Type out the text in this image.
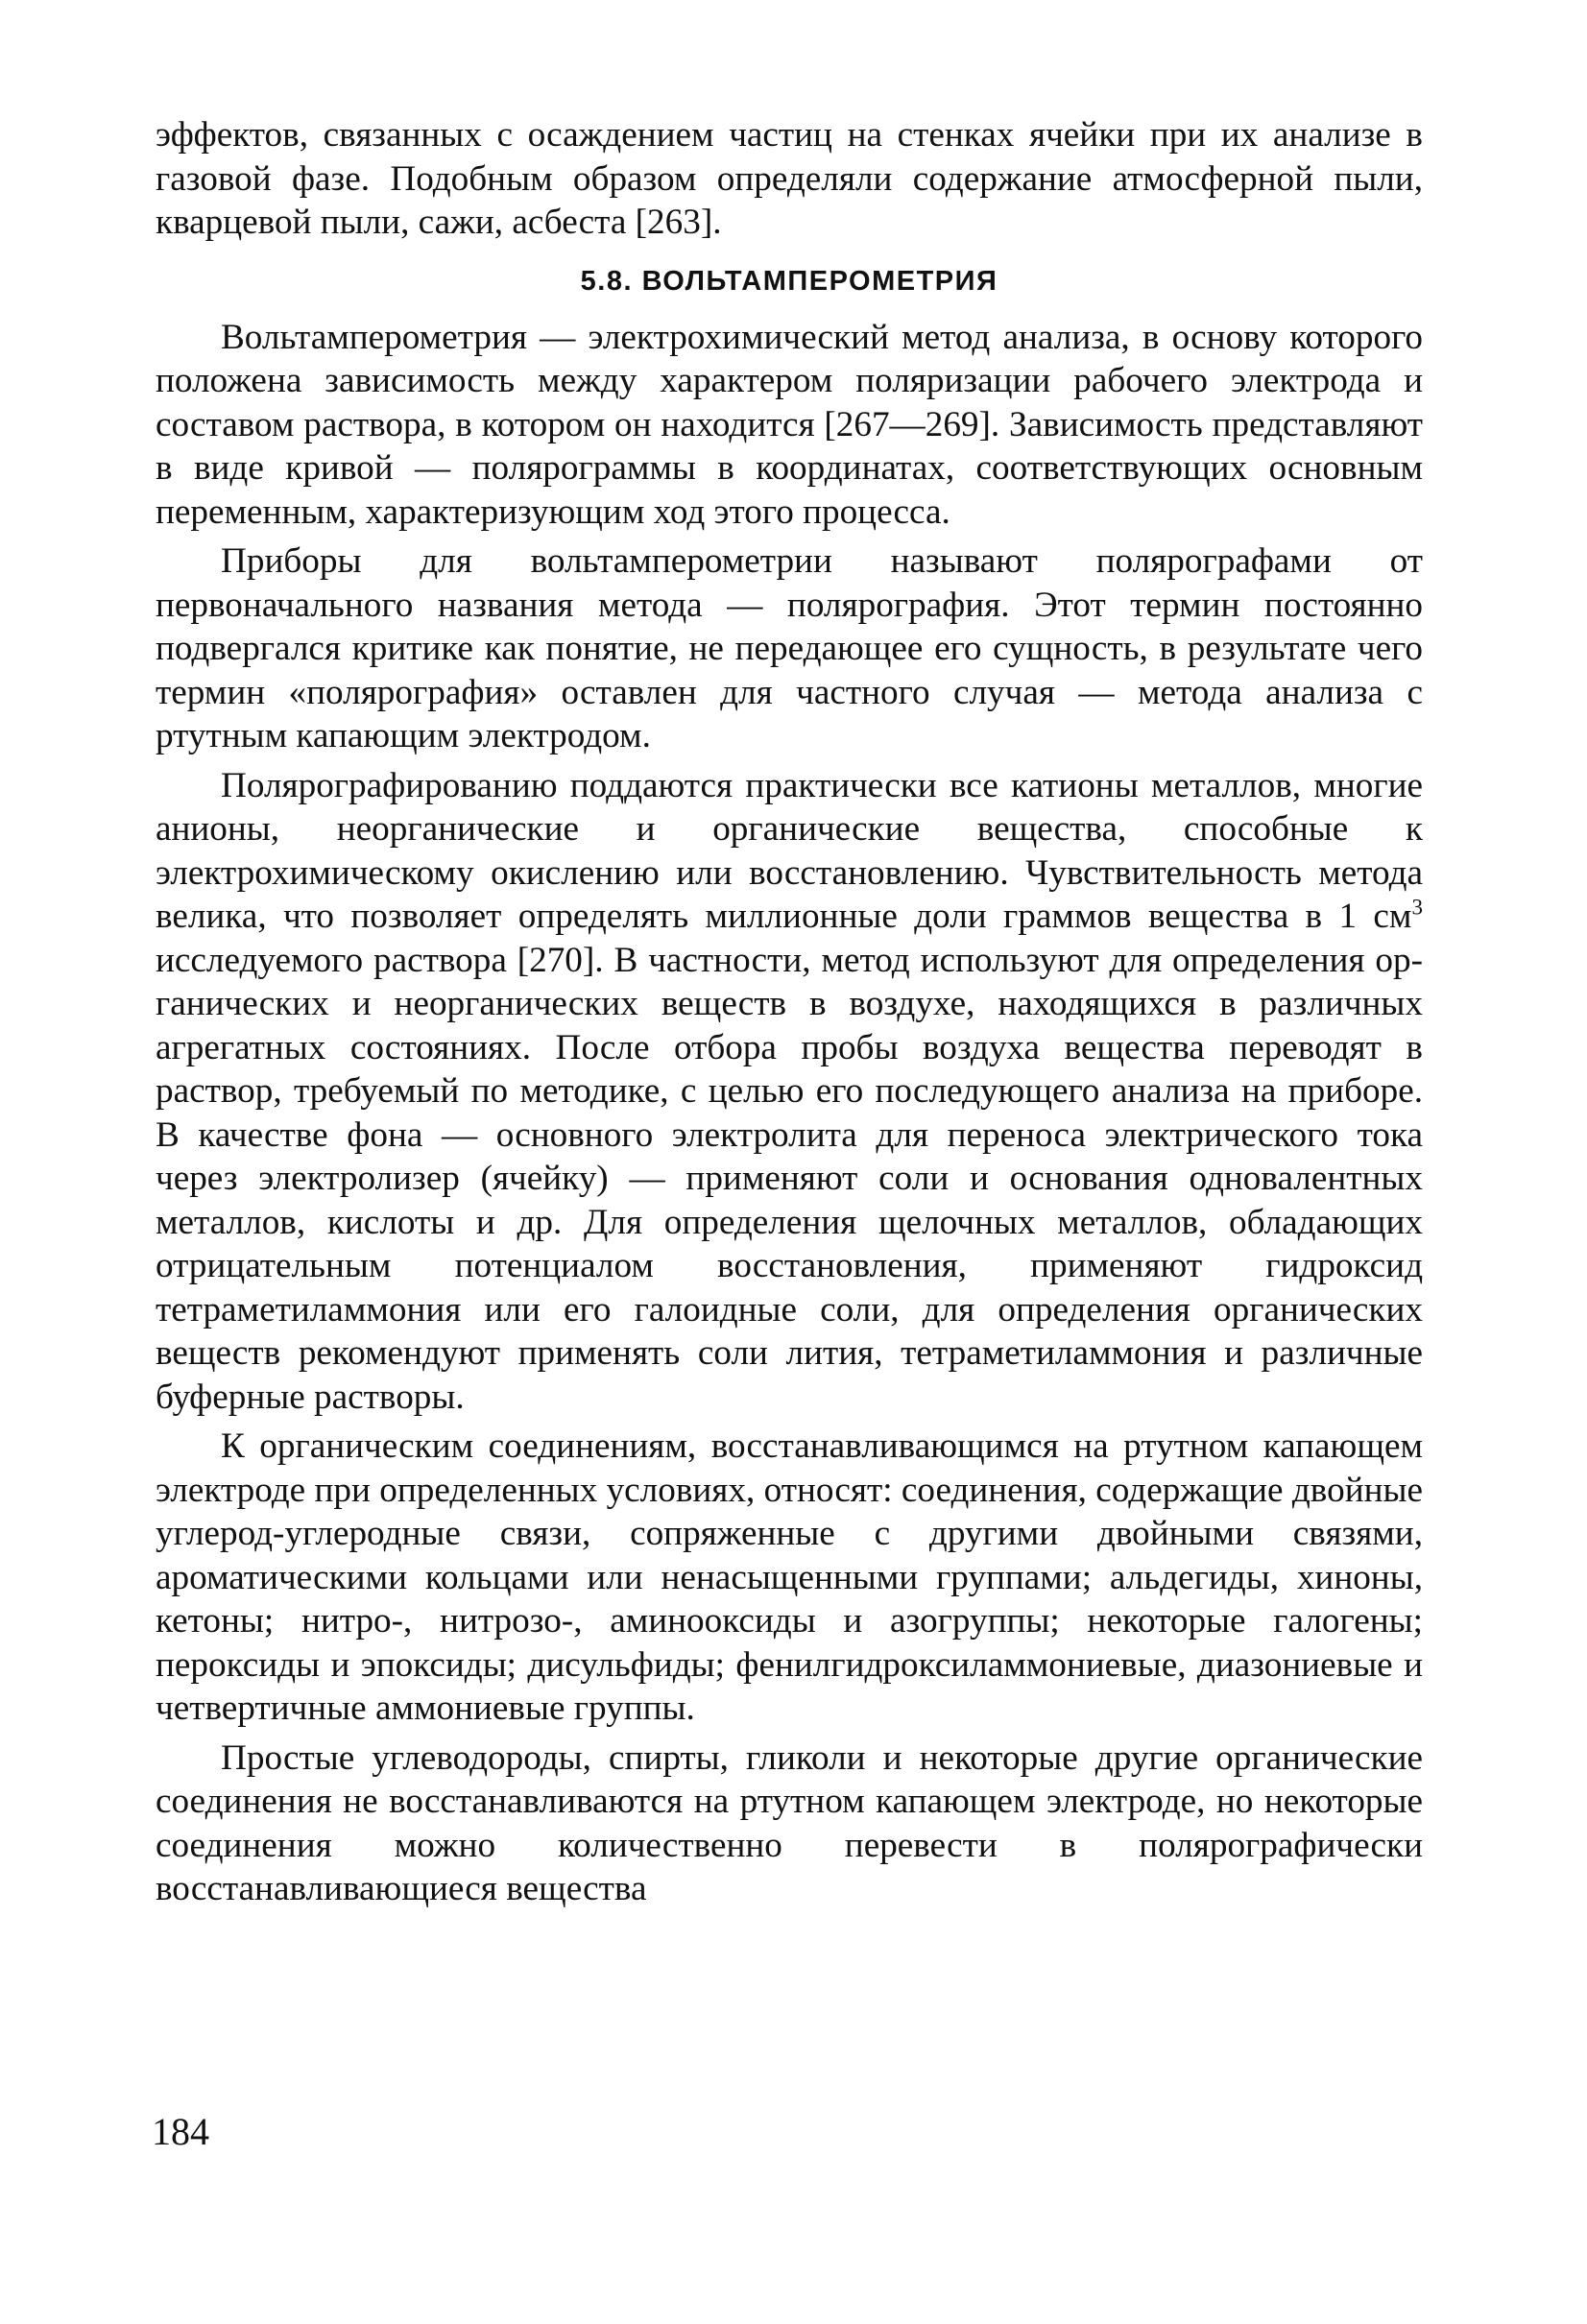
эффектов, связанных с осаждением частиц на стенках ячейки при их анализе в газовой фазе. Подобным образом определяли содержание атмосферной пыли, кварцевой пыли, сажи, асбеста [263].

5.8. ВОЛЬТАМПЕРОМЕТРИЯ

Вольтамперометрия — электрохимический метод анализа, в основу которого положена зависимость между характером поляризации рабочего электрода и составом раствора, в котором он находится [267—269]. Зависимость представляют в виде кривой — полярограммы в координатах, соответствующих основным переменным, характеризующим ход этого процесса.

Приборы для вольтамперометрии называют полярографами от первоначального названия метода — полярография. Этот термин постоянно подвергался критике как понятие, не передающее его сущность, в результате чего термин «полярография» оставлен для частного случая — метода анализа с ртутным капающим электродом.

Полярографированию поддаются практически все катионы металлов, многие анионы, неорганические и органические вещества, способные к электрохимическому окислению или восстановлению. Чувствительность метода велика, что позволяет определять миллионные доли граммов вещества в 1 $см^3$ исследуемого раствора [270]. В частности, метод используют для определения органических и неорганических веществ в воздухе, находящихся в различных агрегатных состояниях. После отбора пробы воздуха вещества переводят в раствор, требуемый по методике, с целью его последующего анализа на приборе. В качестве фона — основного электролита для переноса электрического тока через электролизер (ячейку) — применяют соли и основания одновалентных металлов, кислоты и др. Для определения щелочных металлов, обладающих отрицательным потенциалом восстановления, применяют гидроксид тетраметиламмония или его галоидные соли, для определения органических веществ рекомендуют применять соли лития, тетраметиламмония и различные буферные растворы.

К органическим соединениям, восстанавливающимся на ртутном капающем электроде при определенных условиях, относят: соединения, содержащие двойные углерод-углеродные связи, сопряженные с другими двойными связями, ароматическими кольцами или ненасыщенными группами; альдегиды, хиноны, кетоны; нитро-, нитрозо-, аминооксиды и азогруппы; некоторые галогены; пероксиды и эпоксиды; дисульфиды; фенилгидроксиламмониевые, диазониевые и четвертичные аммониевые группы.

Простые углеводороды, спирты, гликоли и некоторые другие органические соединения не восстанавливаются на ртутном капающем электроде, но некоторые соединения можно количественно перевести в полярографически восстанавливающиеся вещества

184
